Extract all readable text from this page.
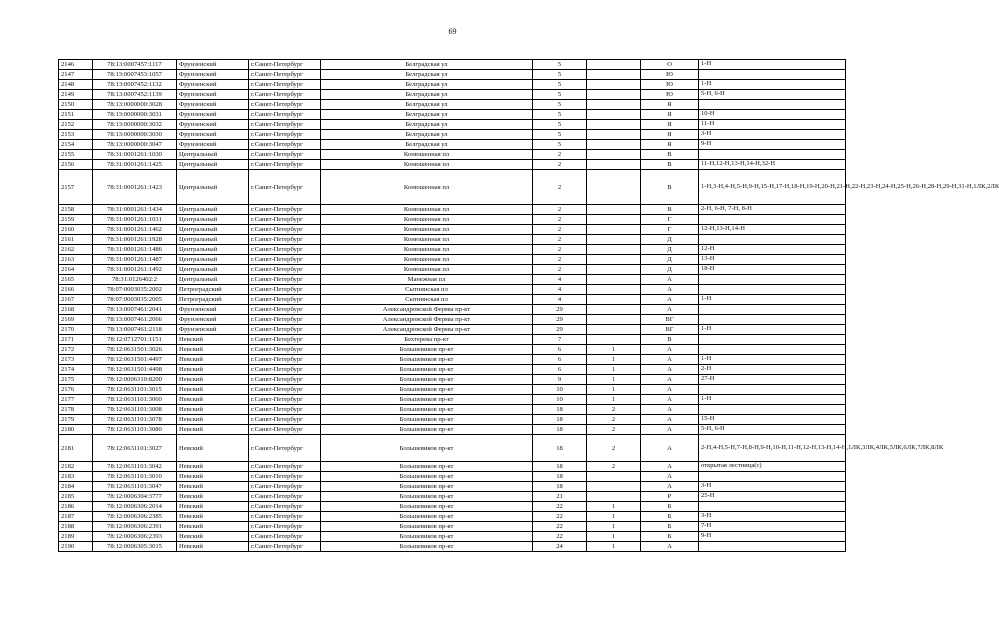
69
2146	78:13:0007457:1117	Фрунзенский	г.Санкт-Петербург	Белградская ул	5		О	1-Н
2147	78:13:0007453:1057	Фрунзенский	г.Санкт-Петербург	Белградская ул	5		Ю	
2148	78:13:0007452:1132	Фрунзенский	г.Санкт-Петербург	Белградская ул	5		Ю	1-Н
2149	78:13:0007452:1139	Фрунзенский	г.Санкт-Петербург	Белградская ул	5		Ю	5-Н, 6-Н
2150	78:13:0000000:3028	Фрунзенский	г.Санкт-Петербург	Белградская ул	5		Я	
2151	78:13:0000000:3031	Фрунзенский	г.Санкт-Петербург	Белградская ул	5		Я	10-Н
2152	78:13:0000000:3032	Фрунзенский	г.Санкт-Петербург	Белградская ул	5		Я	11-Н
2153	78:13:0000000:3030	Фрунзенский	г.Санкт-Петербург	Белградская ул	5		Я	3-Н
2154	78:13:0000000:3047	Фрунзенский	г.Санкт-Петербург	Белградская ул	5		Я	9-Н
2155	78:31:0001261:1030	Центральный	г.Санкт-Петербург	Конюшенная пл	2		В	
2156	78:31:0001261:1425	Центральный	г.Санкт-Петербург	Конюшенная пл	2		В	11-Н,12-Н,13-Н,14-Н,32-Н
2157	78:31:0001261:1423	Центральный	г.Санкт-Петербург	Конюшенная пл	2		В	1-Н,3-Н,4-Н,5-Н,9-Н,15-Н,17-Н,18-Н,19-Н,20-Н,21-Н,22-Н,23-Н,24-Н,25-Н,26-Н,28-Н,29-Н,31-Н,1ЛК,2ЛК
2158	78:31:0001261:1434	Центральный	г.Санкт-Петербург	Конюшенная пл	2		В	2-Н, 6-Н, 7-Н, 8-Н
2159	78:31:0001261:1031	Центральный	г.Санкт-Петербург	Конюшенная пл	2		Г	
2160	78:31:0001261:1462	Центральный	г.Санкт-Петербург	Конюшенная пл	2		Г	12-Н,13-Н,14-Н
2161	78:31:0001261:1928	Центральный	г.Санкт-Петербург	Конюшенная пл	2		Д	
2162	78:31:0001261:1486	Центральный	г.Санкт-Петербург	Конюшенная пл	2		Д	12-Н
2163	78:31:0001261:1487	Центральный	г.Санкт-Петербург	Конюшенная пл	2		Д	13-Н
2164	78:31:0001261:1492	Центральный	г.Санкт-Петербург	Конюшенная пл	2		Д	18-Н
2165	78:31:0126402:2	Центральный	г.Санкт-Петербург	Манежная пл	4		А	
2166	78:07:0003035:2002	Петроградский	г.Санкт-Петербург	Сытнинская пл	4		А	
2167	78:07:0003035:2005	Петроградский	г.Санкт-Петербург	Сытнинская пл	4		А	1-Н
2168	78:13:0007461:2041	Фрунзенский	г.Санкт-Петербург	Александровской Фермы пр-кт	29		А	
2169	78:13:0007461:2066	Фрунзенский	г.Санкт-Петербург	Александровской Фермы пр-кт	29		ВГ	
2170	78:13:0007461:2118	Фрунзенский	г.Санкт-Петербург	Александровской Фермы пр-кт	29		ВГ	1-Н
2171	78:12:0712701:1151	Невский	г.Санкт-Петербург	Бехтерева пр-кт	7		В	
2172	78:12:0631501:3026	Невский	г.Санкт-Петербург	Большевиков пр-кт	6	1	А	
2173	78:12:0631501:4497	Невский	г.Санкт-Петербург	Большевиков пр-кт	6	1	А	1-Н
2174	78:12:0631501:4498	Невский	г.Санкт-Петербург	Большевиков пр-кт	6	1	А	2-Н
2175	78:12:0006310:8200	Невский	г.Санкт-Петербург	Большевиков пр-кт	9	1	А	27-Н
2176	78:12:0631101:3015	Невский	г.Санкт-Петербург	Большевиков пр-кт	10	1	А	
2177	78:12:0631101:3060	Невский	г.Санкт-Петербург	Большевиков пр-кт	10	1	А	1-Н
2178	78:12:0631101:3008	Невский	г.Санкт-Петербург	Большевиков пр-кт	18	2	А	
2179	78:12:0631101:3078	Невский	г.Санкт-Петербург	Большевиков пр-кт	18	2	А	15-Н
2180	78:12:0631101:3080	Невский	г.Санкт-Петербург	Большевиков пр-кт	18	2	А	5-Н, 6-Н
2181	78:12:0631101:3027	Невский	г.Санкт-Петербург	Большевиков пр-кт	18	2	А	2-Н,4-Н,5-Н,7-Н,8-Н,9-Н,10-Н,11-Н,12-Н,13-Н,14-Н,1ЛК,3ЛК,4ЛК,5ЛК,6ЛК,7ЛК,8ЛК
2182	78:12:0631101:3042	Невский	г.Санкт-Петербург	Большевиков пр-кт	18	2	А	открытая лестница(с)
2183	78:12:0631101:3010	Невский	г.Санкт-Петербург	Большевиков пр-кт	18		А	
2184	78:12:0631101:3047	Невский	г.Санкт-Петербург	Большевиков пр-кт	18		А	3-Н
2185	78:12:0006304:3777	Невский	г.Санкт-Петербург	Большевиков пр-кт	21		Р	25-Н
2186	78:12:0006306:2014	Невский	г.Санкт-Петербург	Большевиков пр-кт	22	1	Б	
2187	78:12:0006306:2385	Невский	г.Санкт-Петербург	Большевиков пр-кт	22	1	Б	3-Н
2188	78:12:0006306:2391	Невский	г.Санкт-Петербург	Большевиков пр-кт	22	1	Б	7-Н
2189	78:12:0006306:2393	Невский	г.Санкт-Петербург	Большевиков пр-кт	22	1	Б	9-Н
2190	78:12:0006305:3015	Невский	г.Санкт-Петербург	Большевиков пр-кт	24	1	А	
